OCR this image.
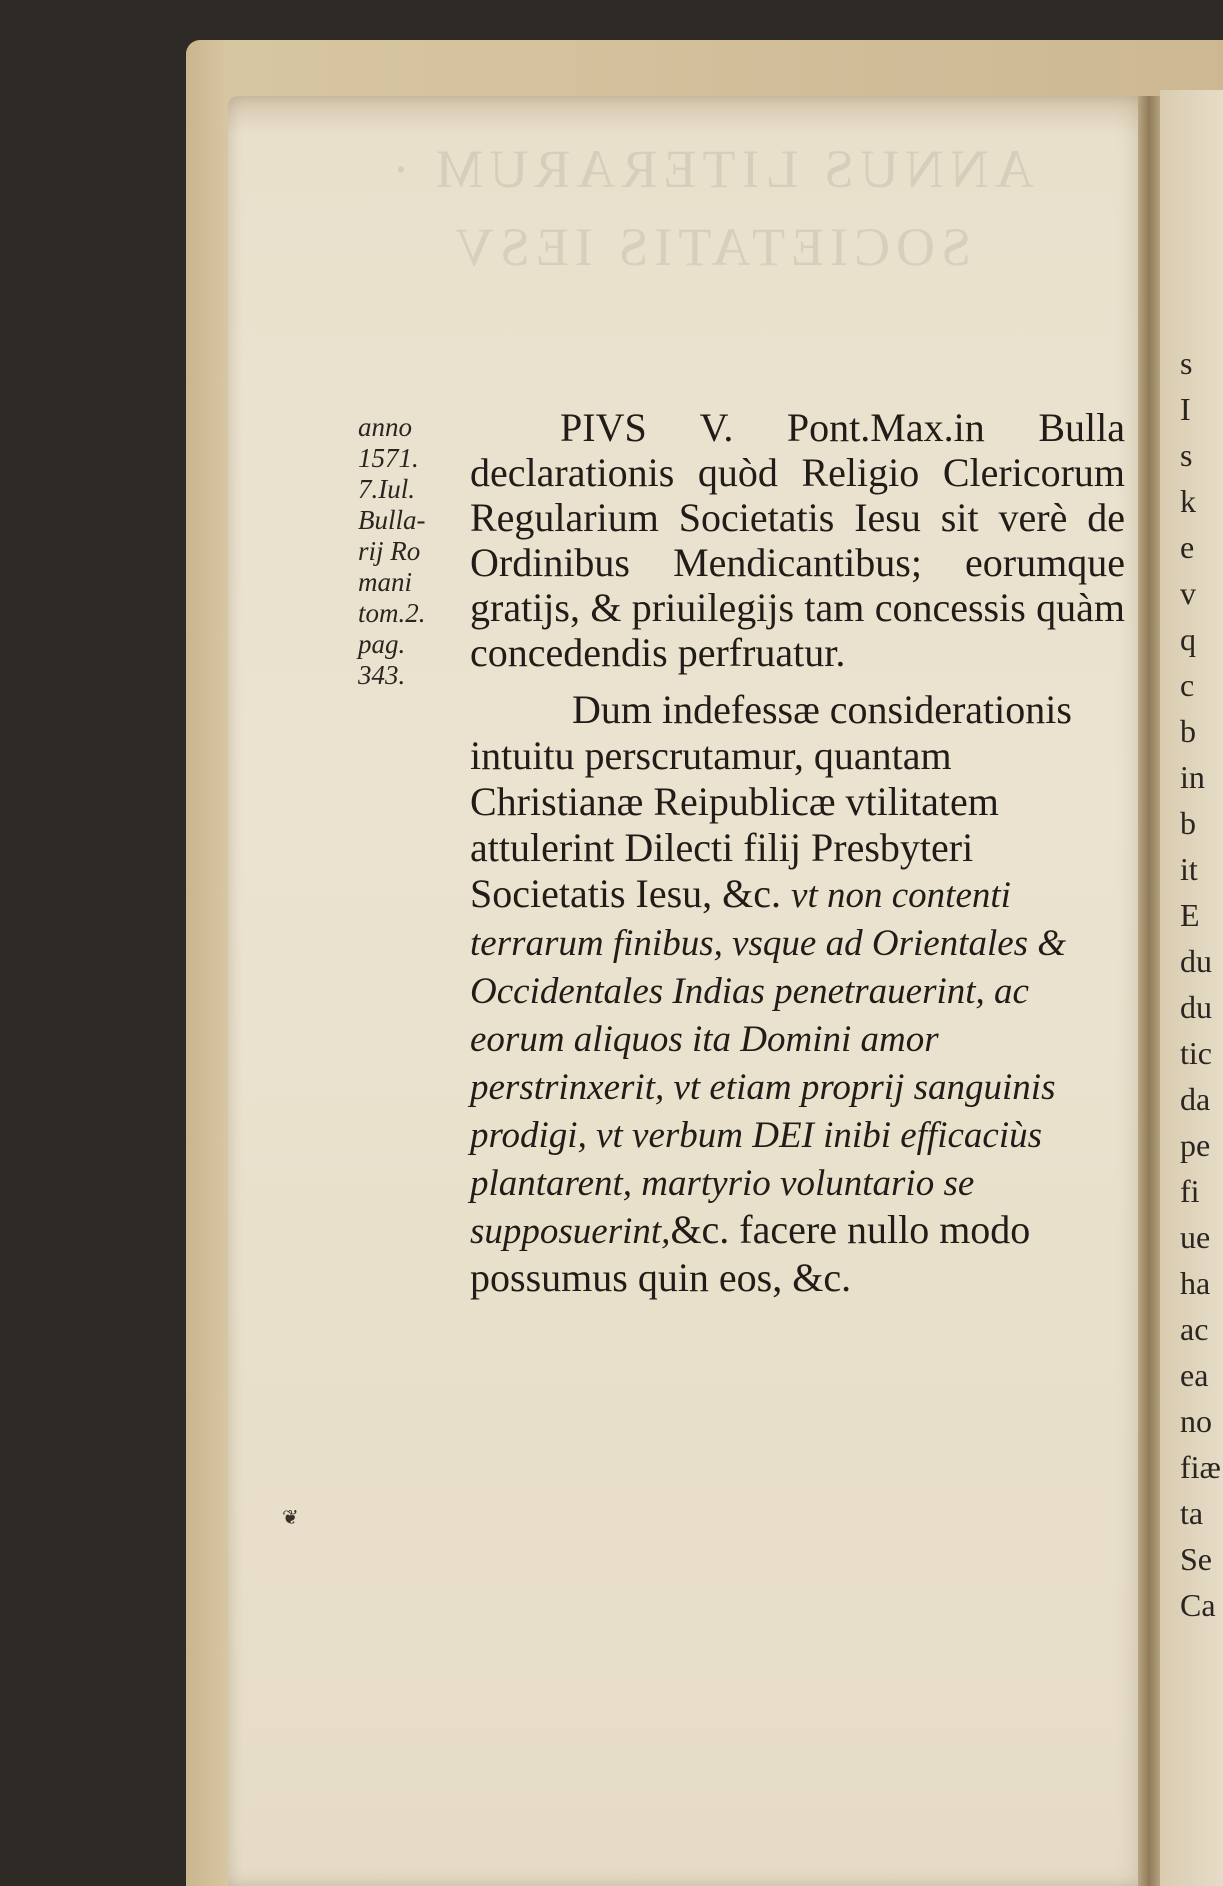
ANNUS LITERARUM · SOCIETATIS IESV
anno
1571.
7.Iul.
Bulla-
rij Ro
mani
tom.2.
pag.
343.

PIVS V. Pont.Max.in Bulla declarationis quòd Religio Clericorum Regularium Societatis Iesu sit verè de Ordinibus Mendicantibus; eorumque gratijs, & priuilegijs tam concessis quàm concedendis perfruatur.

Dum indefessæ considerationis intuitu perscrutamur, quantam Christianæ Reipublicæ vtilitatem attulerint Dilecti filij Presbyteri Societatis Iesu, &c. vt non contenti terrarum finibus, vsque ad Orientales & Occidentales Indias penetrauerint, ac eorum aliquos ita Domini amor perstrinxerit, vt etiam proprij sanguinis prodigi, vt verbum DEI inibi efficaciùs plantarent, martyrio voluntario se supposuerint,&c. facere nullo modo possumus quin eos, &c.

❦
s
I
s
k
e
v
q
c
b
in
b
it
E
du
du
tic
da
pe
fi
ue
ha
ac
ea
no
fiæ
ta
Se
Ca
